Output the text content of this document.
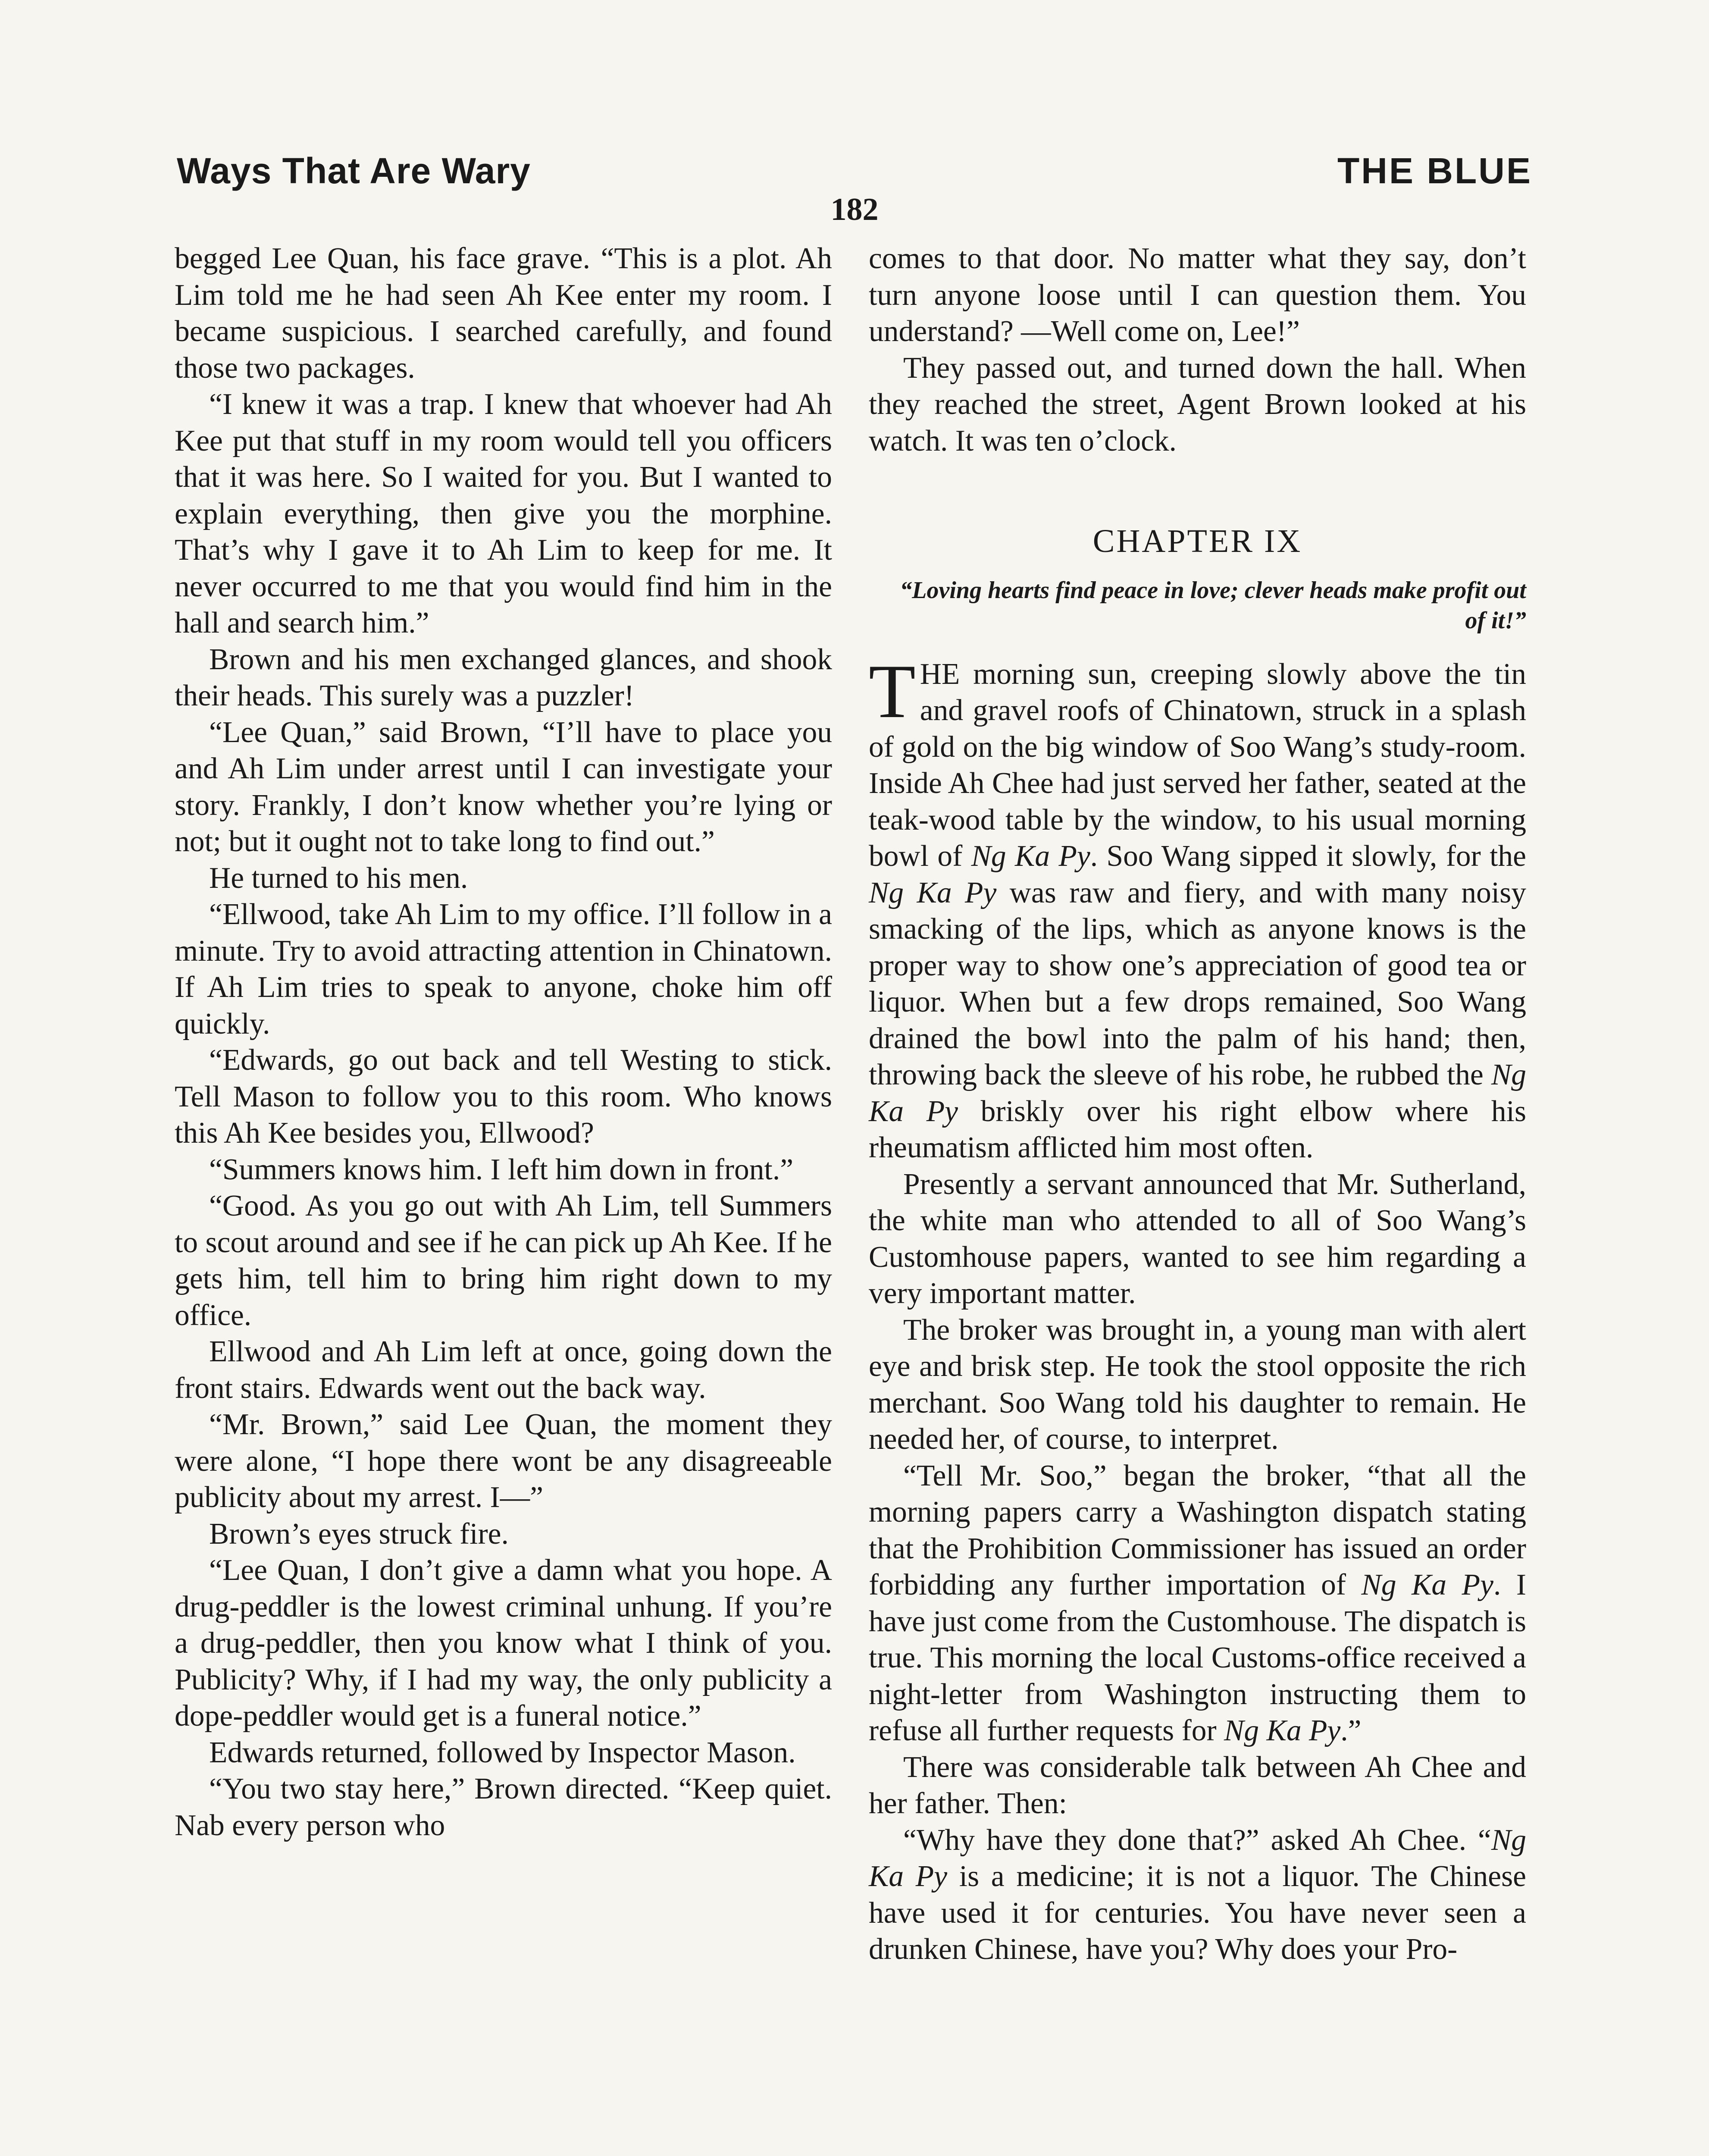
Ways That Are Wary	THE BLUE
182

begged Lee Quan, his face grave. “This is a plot. Ah Lim told me he had seen Ah Kee enter my room. I became suspicious. I searched carefully, and found those two packages.

“I knew it was a trap. I knew that whoever had Ah Kee put that stuff in my room would tell you officers that it was here. So I waited for you. But I wanted to explain everything, then give you the morphine. That’s why I gave it to Ah Lim to keep for me. It never occurred to me that you would find him in the hall and search him.”

Brown and his men exchanged glances, and shook their heads. This surely was a puzzler!

“Lee Quan,” said Brown, “I’ll have to place you and Ah Lim under arrest until I can investigate your story. Frankly, I don’t know whether you’re lying or not; but it ought not to take long to find out.”

He turned to his men.

“Ellwood, take Ah Lim to my office. I’ll follow in a minute. Try to avoid attracting attention in Chinatown. If Ah Lim tries to speak to anyone, choke him off quickly.

“Edwards, go out back and tell Westing to stick. Tell Mason to follow you to this room. Who knows this Ah Kee besides you, Ellwood?

“Summers knows him. I left him down in front.”

“Good. As you go out with Ah Lim, tell Summers to scout around and see if he can pick up Ah Kee. If he gets him, tell him to bring him right down to my office.

Ellwood and Ah Lim left at once, going down the front stairs. Edwards went out the back way.

“Mr. Brown,” said Lee Quan, the moment they were alone, “I hope there wont be any disagreeable publicity about my arrest. I—”

Brown’s eyes struck fire.

“Lee Quan, I don’t give a damn what you hope. A drug-peddler is the lowest criminal unhung. If you’re a drug-peddler, then you know what I think of you. Publicity? Why, if I had my way, the only publicity a dope-peddler would get is a funeral notice.”

Edwards returned, followed by Inspector Mason.

“You two stay here,” Brown directed. “Keep quiet. Nab every person who

comes to that door. No matter what they say, don’t turn anyone loose until I can question them. You understand? —Well come on, Lee!”

They passed out, and turned down the hall. When they reached the street, Agent Brown looked at his watch. It was ten o’clock.

CHAPTER IX
“Loving hearts find peace in love; clever heads make profit out of it!”

THE morning sun, creeping slowly above the tin and gravel roofs of Chinatown, struck in a splash of gold on the big window of Soo Wang’s study-room. Inside Ah Chee had just served her father, seated at the teak-wood table by the window, to his usual morning bowl of Ng Ka Py. Soo Wang sipped it slowly, for the Ng Ka Py was raw and fiery, and with many noisy smacking of the lips, which as anyone knows is the proper way to show one’s appreciation of good tea or liquor. When but a few drops remained, Soo Wang drained the bowl into the palm of his hand; then, throwing back the sleeve of his robe, he rubbed the Ng Ka Py briskly over his right elbow where his rheumatism afflicted him most often.

Presently a servant announced that Mr. Sutherland, the white man who attended to all of Soo Wang’s Customhouse papers, wanted to see him regarding a very important matter.

The broker was brought in, a young man with alert eye and brisk step. He took the stool opposite the rich merchant. Soo Wang told his daughter to remain. He needed her, of course, to interpret.

“Tell Mr. Soo,” began the broker, “that all the morning papers carry a Washington dispatch stating that the Prohibition Commissioner has issued an order forbidding any further importation of Ng Ka Py. I have just come from the Customhouse. The dispatch is true. This morning the local Customs-office received a night-letter from Washington instructing them to refuse all further requests for Ng Ka Py.”

There was considerable talk between Ah Chee and her father. Then:

“Why have they done that?” asked Ah Chee. “Ng Ka Py is a medicine; it is not a liquor. The Chinese have used it for centuries. You have never seen a drunken Chinese, have you? Why does your Pro-
